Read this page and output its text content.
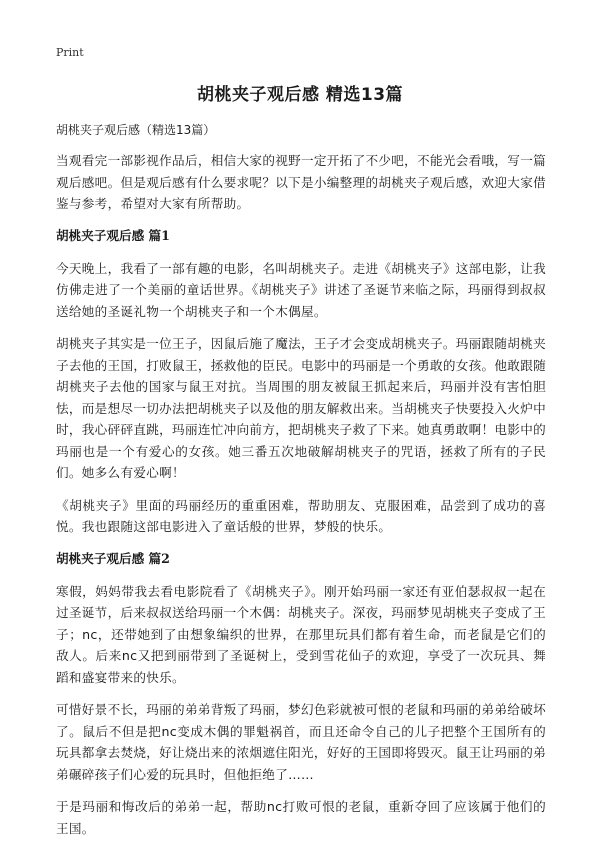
Print
胡桃夹子观后感 精选13篇

胡桃夹子观后感（精选13篇）

当观看完一部影视作品后，相信大家的视野一定开拓了不少吧，不能光会看哦，写一篇观后感吧。但是观后感有什么要求呢？以下是小编整理的胡桃夹子观后感，欢迎大家借鉴与参考，希望对大家有所帮助。

胡桃夹子观后感 篇1

今天晚上，我看了一部有趣的电影，名叫胡桃夹子。走进《胡桃夹子》这部电影，让我仿佛走进了一个美丽的童话世界。《胡桃夹子》讲述了圣诞节来临之际，玛丽得到叔叔送给她的圣诞礼物一个胡桃夹子和一个木偶屋。

胡桃夹子其实是一位王子，因鼠后施了魔法，王子才会变成胡桃夹子。玛丽跟随胡桃夹子去他的王国，打败鼠王，拯救他的臣民。电影中的玛丽是一个勇敢的女孩。他敢跟随胡桃夹子去他的国家与鼠王对抗。当周围的朋友被鼠王抓起来后，玛丽并没有害怕胆怯，而是想尽一切办法把胡桃夹子以及他的朋友解救出来。当胡桃夹子快要投入火炉中时，我心砰砰直跳，玛丽连忙冲向前方，把胡桃夹子救了下来。她真勇敢啊！电影中的玛丽也是一个有爱心的女孩。她三番五次地破解胡桃夹子的咒语，拯救了所有的子民们。她多么有爱心啊！

《胡桃夹子》里面的玛丽经历的重重困难，帮助朋友、克服困难，品尝到了成功的喜悦。我也跟随这部电影进入了童话般的世界，梦般的快乐。

胡桃夹子观后感 篇2

寒假，妈妈带我去看电影院看了《胡桃夹子》。刚开始玛丽一家还有亚伯瑟叔叔一起在过圣诞节，后来叔叔送给玛丽一个木偶：胡桃夹子。深夜，玛丽梦见胡桃夹子变成了王子；nc，还带她到了由想象编织的世界，在那里玩具们都有着生命，而老鼠是它们的敌人。后来nc又把到丽带到了圣诞树上，受到雪花仙子的欢迎，享受了一次玩具、舞蹈和盛宴带来的快乐。

可惜好景不长，玛丽的弟弟背叛了玛丽，梦幻色彩就被可恨的老鼠和玛丽的弟弟给破坏了。鼠后不但是把nc变成木偶的罪魁祸首，而且还命令自己的儿子把整个王国所有的玩具都拿去焚烧，好让烧出来的浓烟遮住阳光，好好的王国即将毁灭。鼠王让玛丽的弟弟碾碎孩子们心爱的玩具时，但他拒绝了……

于是玛丽和悔改后的弟弟一起，帮助nc打败可恨的老鼠，重新夺回了应该属于他们的王国。
